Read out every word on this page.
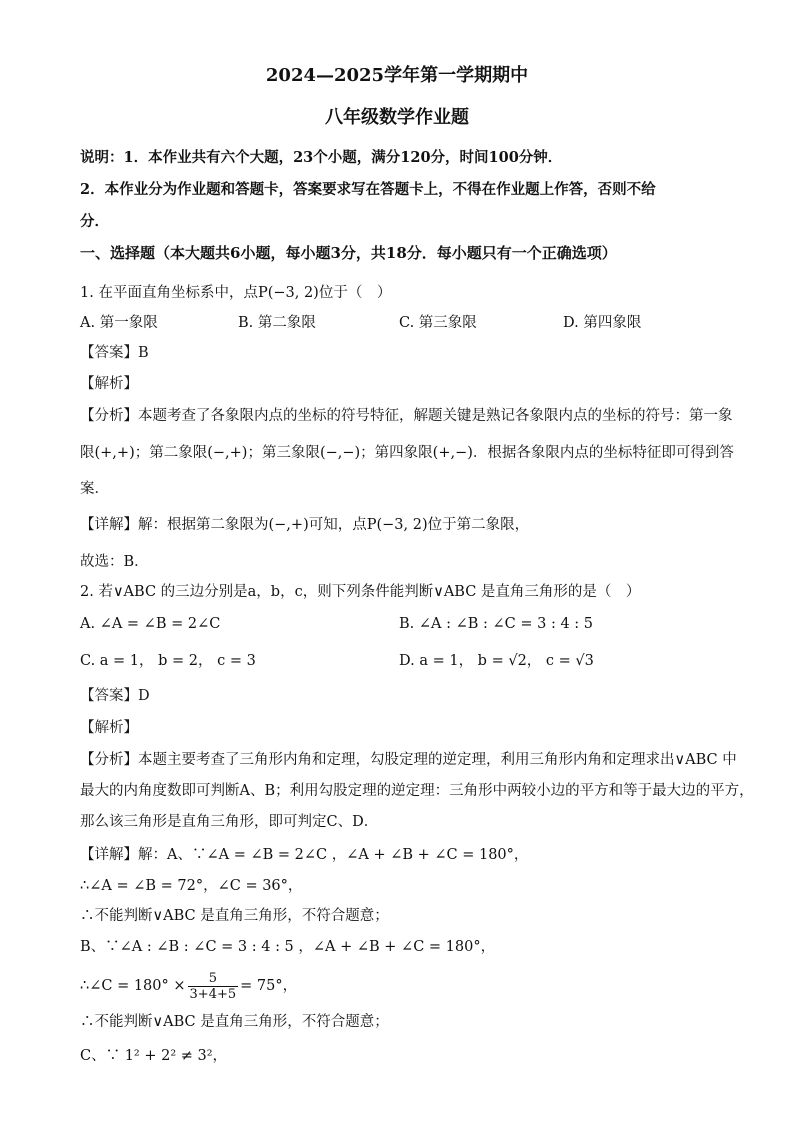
2024—2025学年第一学期期中
八年级数学作业题
说明：1．本作业共有六个大题，23个小题，满分120分，时间100分钟．
2．本作业分为作业题和答题卡，答案要求写在答题卡上，不得在作业题上作答，否则不给
分．
一、选择题（本大题共6小题，每小题3分，共18分．每小题只有一个正确选项）
1. 在平面直角坐标系中，点P(−3, 2)位于（　）
A. 第一象限	B. 第二象限	C. 第三象限	D. 第四象限
【答案】B
【解析】
【分析】本题考查了各象限内点的坐标的符号特征，解题关键是熟记各象限内点的坐标的符号：第一象
限(+,+)；第二象限(−,+)；第三象限(−,−)；第四象限(+,−)．根据各象限内点的坐标特征即可得到答
案．
【详解】解：根据第二象限为(−,+)可知，点P(−3, 2)位于第二象限，
故选：B．
2. 若∨ABC 的三边分别是a，b，c，则下列条件能判断∨ABC 是直角三角形的是（　）
A. ∠A = ∠B = 2∠C	B. ∠A : ∠B : ∠C = 3 : 4 : 5
C. a = 1， b = 2， c = 3	D. a = 1， b = √2， c = √3
【答案】D
【解析】
【分析】本题主要考查了三角形内角和定理，勾股定理的逆定理，利用三角形内角和定理求出∨ABC 中
最大的内角度数即可判断A、B；利用勾股定理的逆定理：三角形中两较小边的平方和等于最大边的平方，
那么该三角形是直角三角形，即可判定C、D．
【详解】解：A、∵∠A = ∠B = 2∠C ，∠A + ∠B + ∠C = 180°，
∴∠A = ∠B = 72°，∠C = 36°，
∴不能判断∨ABC 是直角三角形，不符合题意；
B、∵∠A : ∠B : ∠C = 3 : 4 : 5 ，∠A + ∠B + ∠C = 180°，
∴∠C = $180^\circ \times \frac{5}{3+4+5} = 75^\circ$，
∴不能判断∨ABC 是直角三角形，不符合题意；
C、∵ 1² + 2² ≠ 3²，
